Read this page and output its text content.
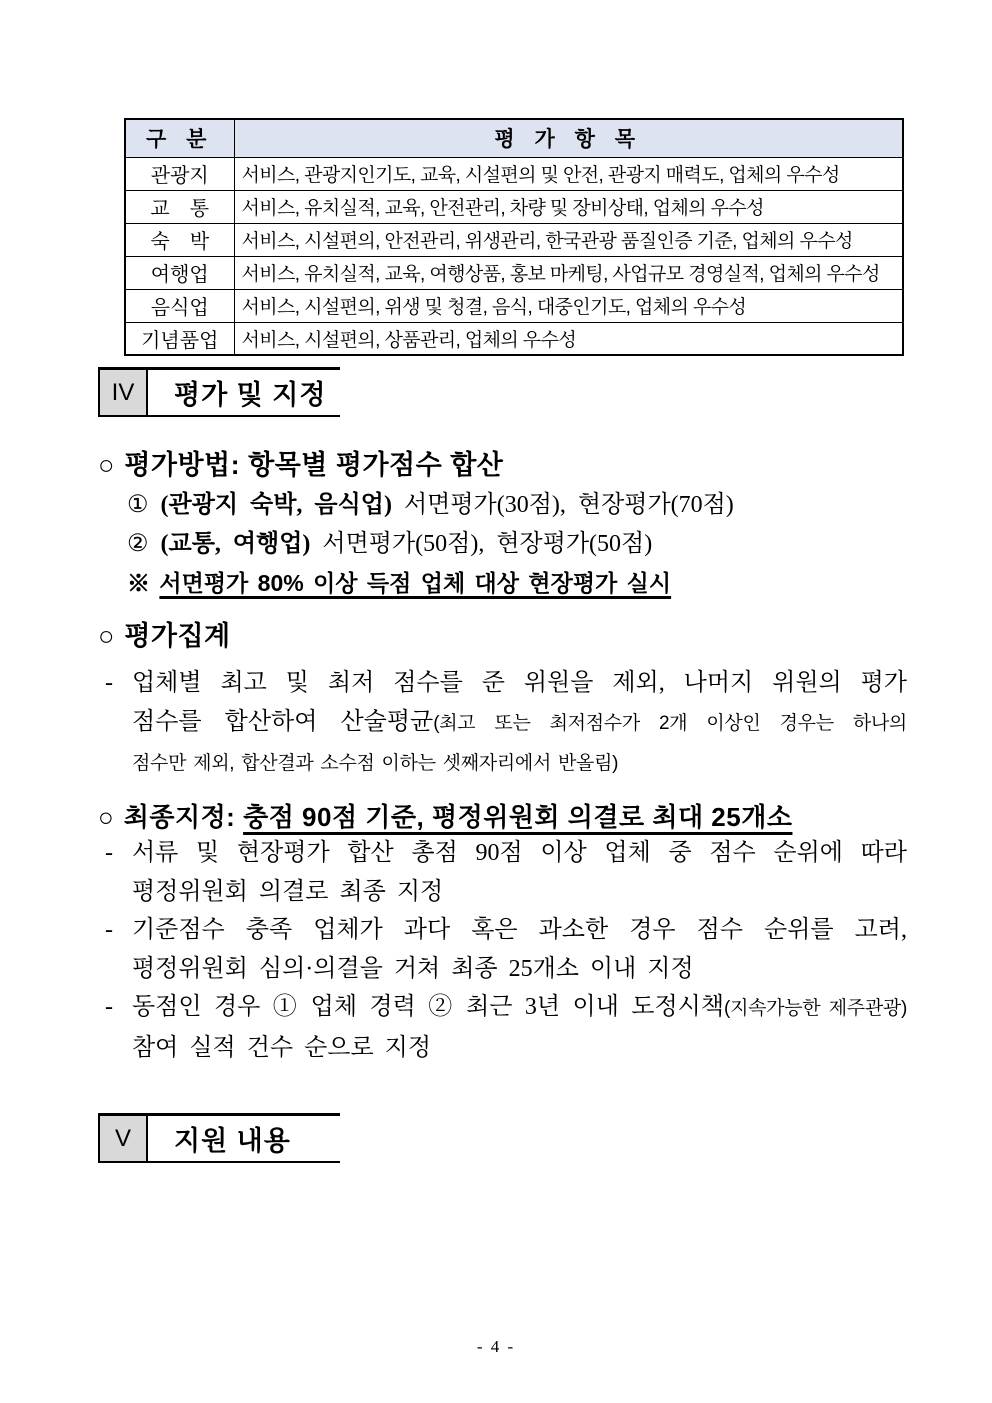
구 분	평 가 항 목
관광지	서비스, 관광지인기도, 교육, 시설편의 및 안전, 관광지 매력도, 업체의 우수성
교　통	서비스, 유치실적, 교육, 안전관리, 차량 및 장비상태, 업체의 우수성
숙　박	서비스, 시설편의, 안전관리, 위생관리, 한국관광 품질인증 기준, 업체의 우수성
여행업	서비스, 유치실적, 교육, 여행상품, 홍보 마케팅, 사업규모 경영실적, 업체의 우수성
음식업	서비스, 시설편의, 위생 및 청결, 음식, 대중인기도, 업체의 우수성
기념품업	서비스, 시설편의, 상품관리, 업체의 우수성
IV	평가 및 지정
○ 평가방법: 항목별 평가점수 합산
① (관광지 숙박, 음식업) 서면평가(30점), 현장평가(70점)
② (교통, 여행업) 서면평가(50점), 현장평가(50점)
※ 서면평가 80% 이상 득점 업체 대상 현장평가 실시
○ 평가집계
- 업체별 최고 및 최저 점수를 준 위원을 제외, 나머지 위원의 평가
점수를 합산하여 산술평균(최고 또는 최저점수가 2개 이상인 경우는 하나의
점수만 제외, 합산결과 소수점 이하는 셋째자리에서 반올림)
○ 최종지정: 충점 90점 기준, 평정위원회 의결로 최대 25개소
- 서류 및 현장평가 합산 총점 90점 이상 업체 중 점수 순위에 따라
평정위원회 의결로 최종 지정
- 기준점수 충족 업체가 과다 혹은 과소한 경우 점수 순위를 고려,
평정위원회 심의·의결을 거쳐 최종 25개소 이내 지정
- 동점인 경우 ① 업체 경력 ② 최근 3년 이내 도정시책(지속가능한 제주관광)
참여 실적 건수 순으로 지정
V	지원 내용
- 4 -
